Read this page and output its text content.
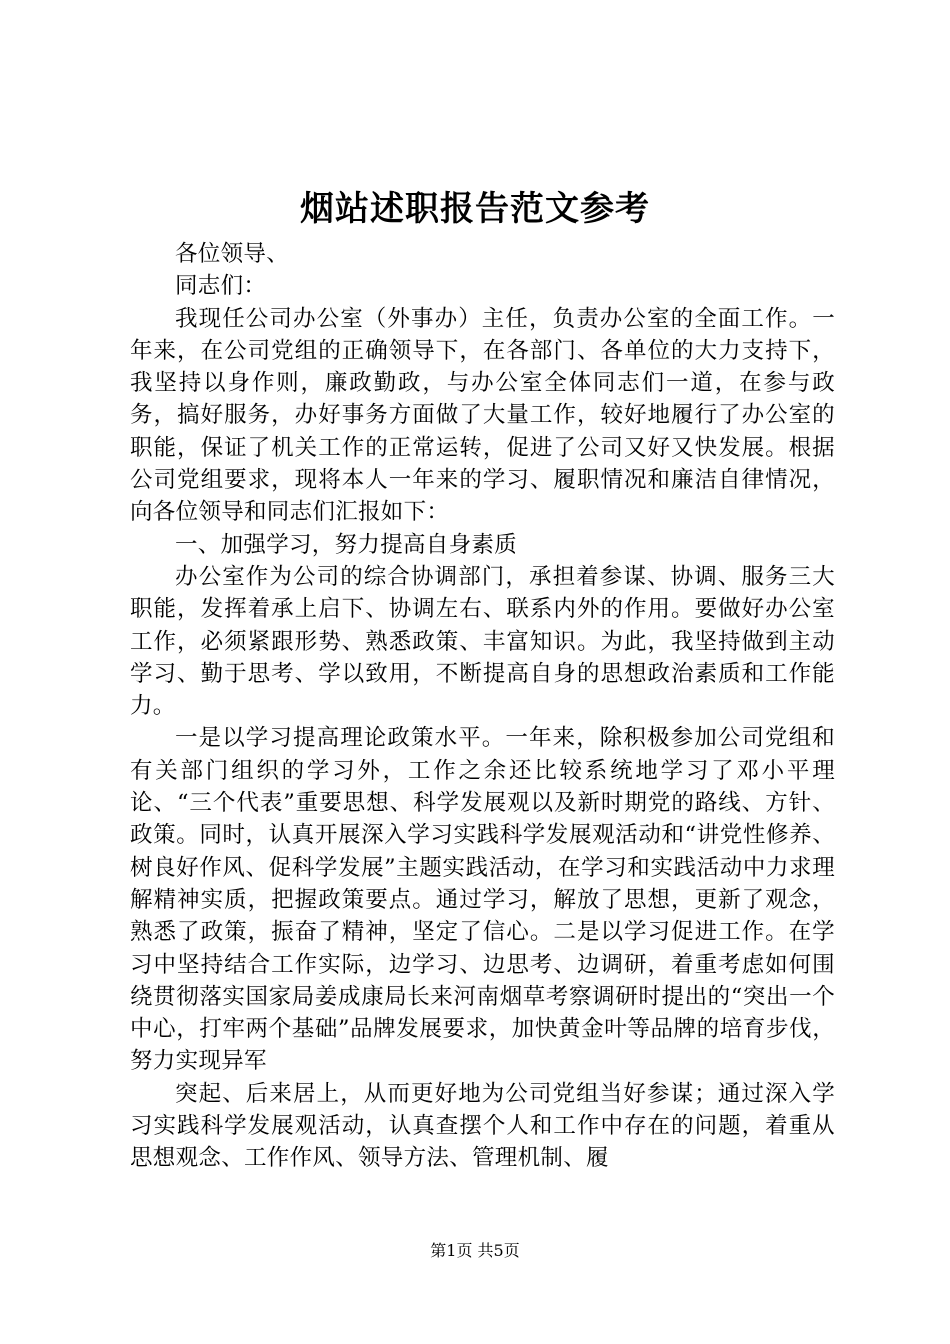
烟站述职报告范文参考

各位领导、

同志们：

我现任公司办公室（外事办）主任，负责办公室的全面工作。一年来，在公司党组的正确领导下，在各部门、各单位的大力支持下，我坚持以身作则，廉政勤政，与办公室全体同志们一道，在参与政务，搞好服务，办好事务方面做了大量工作，较好地履行了办公室的职能，保证了机关工作的正常运转，促进了公司又好又快发展。根据公司党组要求，现将本人一年来的学习、履职情况和廉洁自律情况，向各位领导和同志们汇报如下：

一、加强学习，努力提高自身素质

办公室作为公司的综合协调部门，承担着参谋、协调、服务三大职能，发挥着承上启下、协调左右、联系内外的作用。要做好办公室工作，必须紧跟形势、熟悉政策、丰富知识。为此，我坚持做到主动学习、勤于思考、学以致用，不断提高自身的思想政治素质和工作能力。

一是以学习提高理论政策水平。一年来，除积极参加公司党组和有关部门组织的学习外，工作之余还比较系统地学习了邓小平理论、“三个代表”重要思想、科学发展观以及新时期党的路线、方针、政策。同时，认真开展深入学习实践科学发展观活动和“讲党性修养、树良好作风、促科学发展”主题实践活动，在学习和实践活动中力求理解精神实质，把握政策要点。通过学习，解放了思想，更新了观念，熟悉了政策，振奋了精神，坚定了信心。二是以学习促进工作。在学习中坚持结合工作实际，边学习、边思考、边调研，着重考虑如何围绕贯彻落实国家局姜成康局长来河南烟草考察调研时提出的“突出一个中心，打牢两个基础”品牌发展要求，加快黄金叶等品牌的培育步伐，努力实现异军

突起、后来居上，从而更好地为公司党组当好参谋；通过深入学习实践科学发展观活动，认真查摆个人和工作中存在的问题，着重从思想观念、工作作风、领导方法、管理机制、履

第1页 共5页
